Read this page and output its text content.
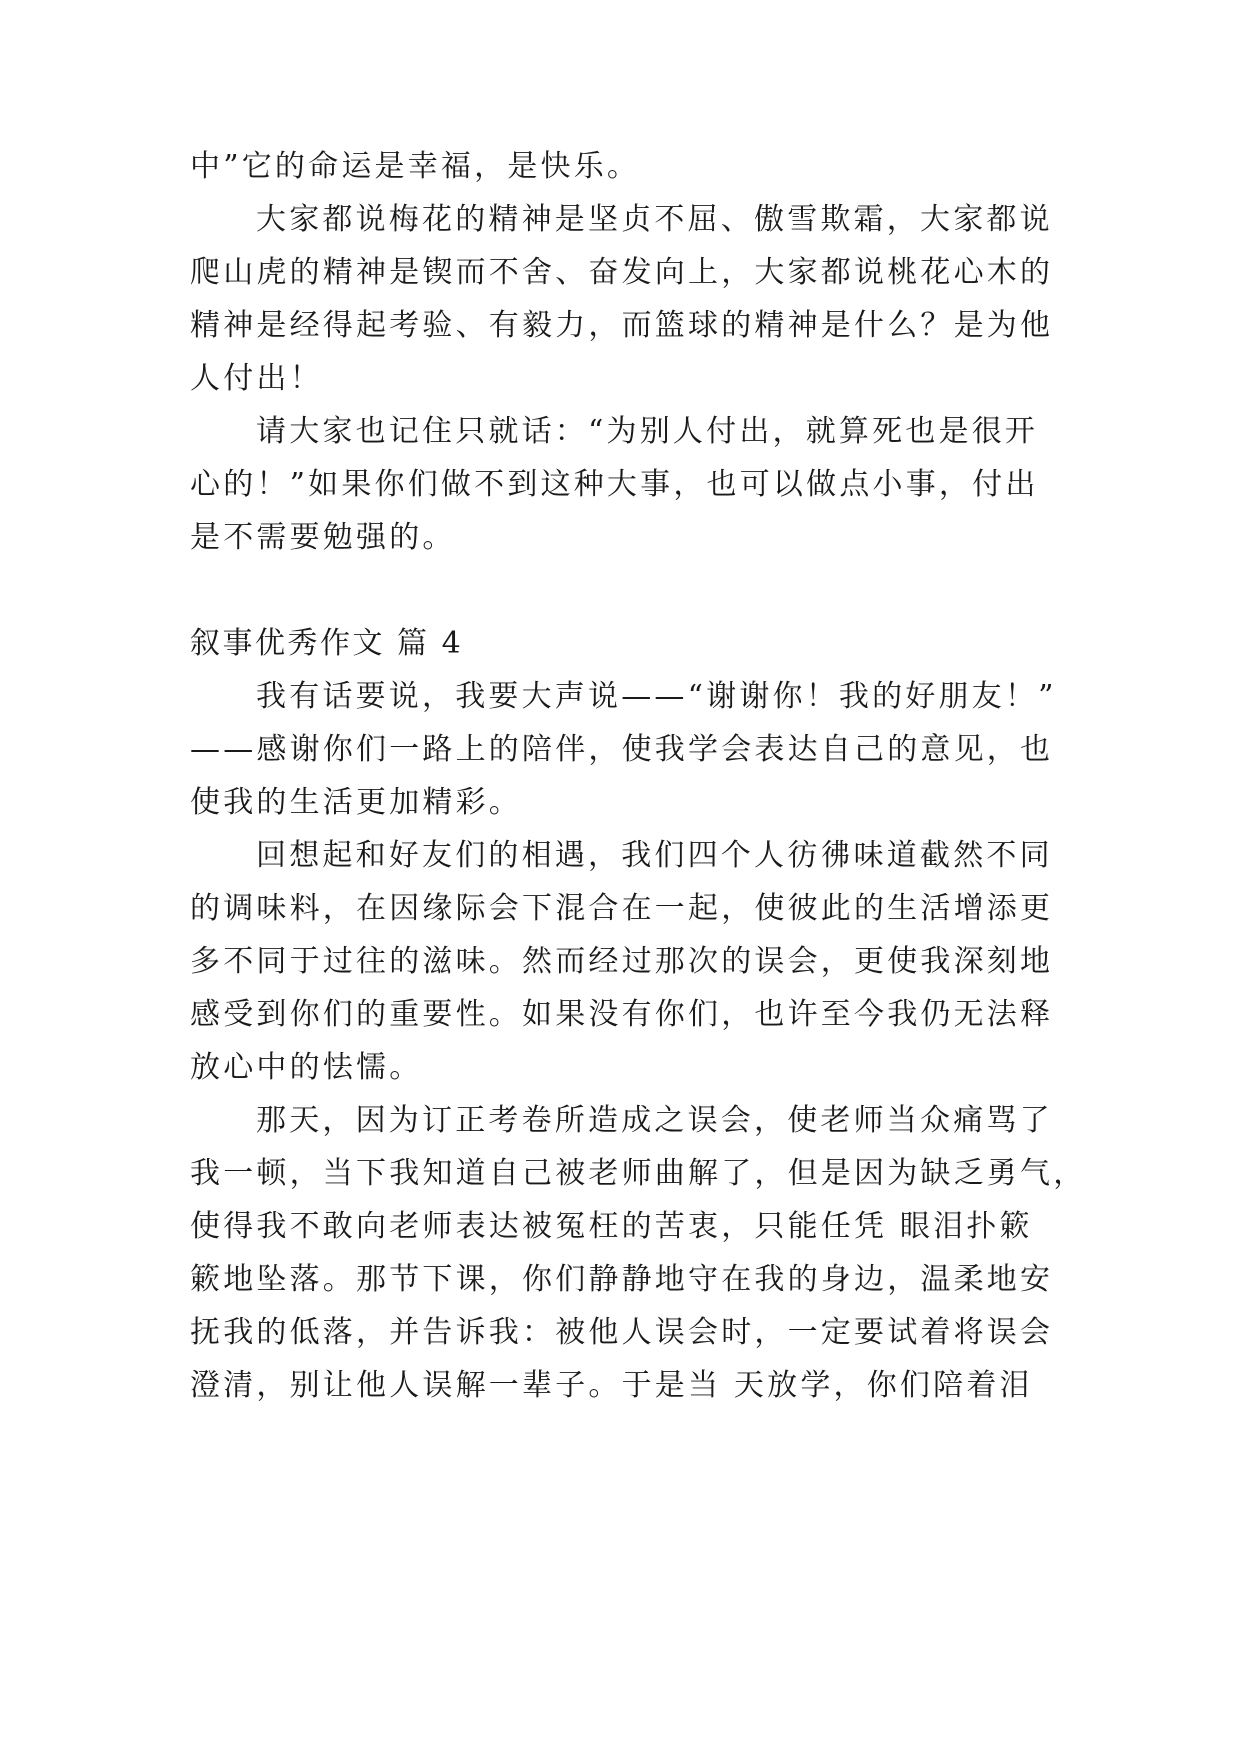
中”它的命运是幸福，是快乐。
大家都说梅花的精神是坚贞不屈、傲雪欺霜，大家都说
爬山虎的精神是锲而不舍、奋发向上，大家都说桃花心木的
精神是经得起考验、有毅力，而篮球的精神是什么？是为他
人付出！
请大家也记住只就话：“为别人付出，就算死也是很开
心的！”如果你们做不到这种大事，也可以做点小事，付出
是不需要勉强的。
叙事优秀作文 篇 4
我有话要说，我要大声说——“谢谢你！我的好朋友！”
——感谢你们一路上的陪伴，使我学会表达自己的意见，也
使我的生活更加精彩。
回想起和好友们的相遇，我们四个人彷彿味道截然不同
的调味料，在因缘际会下混合在一起，使彼此的生活增添更
多不同于过往的滋味。然而经过那次的误会，更使我深刻地
感受到你们的重要性。如果没有你们，也许至今我仍无法释
放心中的怯懦。
那天，因为订正考卷所造成之误会，使老师当众痛骂了
我一顿，当下我知道自己被老师曲解了，但是因为缺乏勇气，
使得我不敢向老师表达被冤枉的苦衷，只能任凭 眼泪扑簌
簌地坠落。那节下课，你们静静地守在我的身边，温柔地安
抚我的低落，并告诉我：被他人误会时，一定要试着将误会
澄清，别让他人误解一辈子。于是当 天放学，你们陪着泪
